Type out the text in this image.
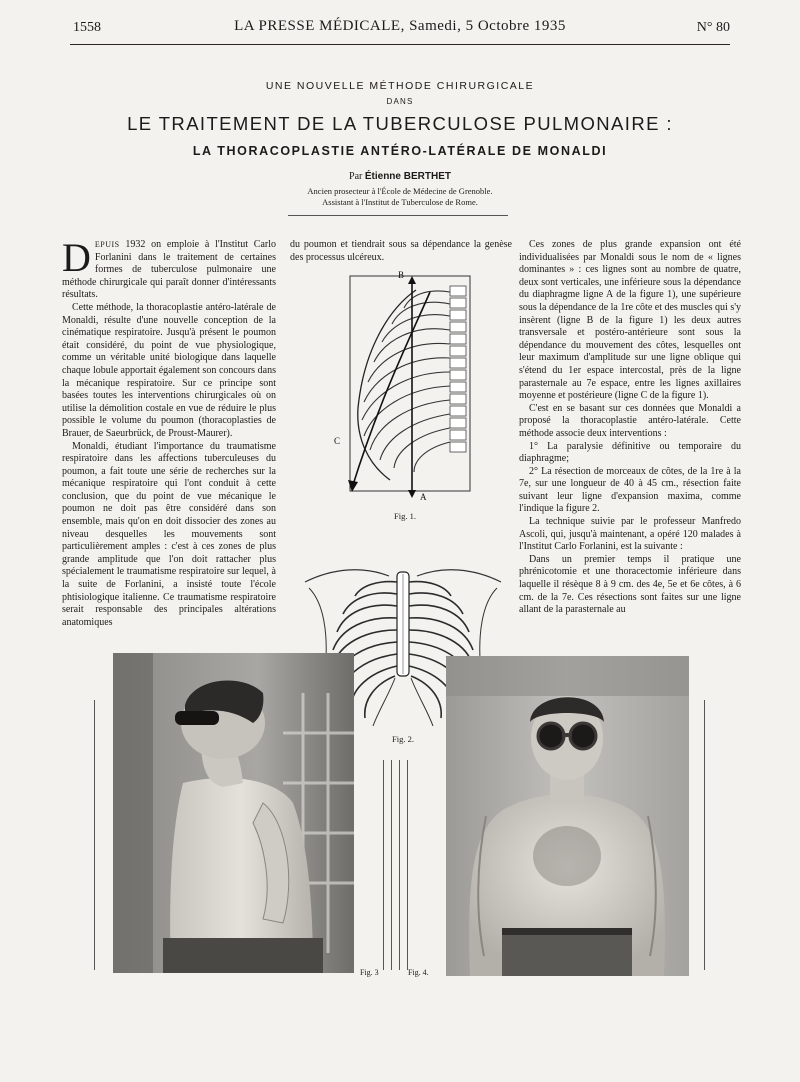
1558	LA PRESSE MÉDICALE, Samedi, 5 Octobre 1935	N° 80
UNE NOUVELLE MÉTHODE CHIRURGICALE
DANS
LE TRAITEMENT DE LA TUBERCULOSE PULMONAIRE :
LA THORACOPLASTIE ANTÉRO-LATÉRALE DE MONALDI
Par Étienne BERTHET
Ancien prosecteur à l'École de Médecine de Grenoble.
Assistant à l'Institut de Tuberculose de Rome.

DEPUIS 1932 on emploie à l'Institut Carlo Forlanini dans le traitement de certaines formes de tuberculose pulmonaire une méthode chirurgicale qui paraît donner d'intéressants résultats.

Cette méthode, la thoracoplastie antéro-latérale de Monaldi, résulte d'une nouvelle conception de la cinématique respiratoire. Jusqu'à présent le poumon était considéré, du point de vue physiologique, comme un véritable unité biologique dans laquelle chaque lobule apportait également son concours dans la mécanique respiratoire. Sur ce principe sont basées toutes les interventions chirurgicales où on utilise la démolition costale en vue de réduire le plus possible le volume du poumon (thoracoplasties de Brauer, de Saeurbrück, de Proust-Maurer).

Monaldi, étudiant l'importance du traumatisme respiratoire dans les affections tuberculeuses du poumon, a fait toute une série de recherches sur la mécanique respiratoire qui l'ont conduit à cette conclusion, que du point de vue mécanique le poumon ne doit pas être considéré dans son ensemble, mais qu'on en doit dissocier des zones au niveau desquelles les mouvements sont particulièrement amples : c'est à ces zones de plus grande amplitude que l'on doit rattacher plus spécialement le traumatisme respiratoire sur lequel, à la suite de Forlanini, a insisté toute l'école phtisiologique italienne. Ce traumatisme respiratoire serait responsable des principales altérations anatomiques

du poumon et tiendrait sous sa dépendance la genèse des processus ulcéreux.

Ces zones de plus grande expansion ont été individualisées par Monaldi sous le nom de « lignes dominantes » : ces lignes sont au nombre de quatre, deux sont verticales, une inférieure sous la dépendance du diaphragme ligne A de la figure 1), une supérieure sous la dépendance de la 1re côte et des muscles qui s'y insèrent (ligne B de la figure 1) les deux autres transversale et postéro-antérieure sont sous la dépendance du mouvement des côtes, lesquelles ont leur maximum d'amplitude sur une ligne oblique qui s'étend du 1er espace intercostal, près de la ligne parasternale au 7e espace, entre les lignes axillaires moyenne et postérieure (ligne C de la figure 1).

C'est en se basant sur ces données que Monaldi a proposé la thoracoplastie antéro-latérale. Cette méthode associe deux interventions :

1° La paralysie définitive ou temporaire du diaphragme;

2° La résection de morceaux de côtes, de la 1re à la 7e, sur une longueur de 40 à 45 cm., résection faite suivant leur ligne d'expansion maxima, comme l'indique la figure 2.

La technique suivie par le professeur Manfredo Ascoli, qui, jusqu'à maintenant, a opéré 120 malades à l'Institut Carlo Forlanini, est la suivante :

Dans un premier temps il pratique une phrénicotomie et une thoracectomie inférieure dans laquelle il résèque 8 à 9 cm. des 4e, 5e et 6e côtes, à 6 cm. de la 7e. Ces résections sont faites sur une ligne allant de la parasternale au

B
A
C
Fig. 1.
Fig. 2.
Fig. 3	Fig. 4.
